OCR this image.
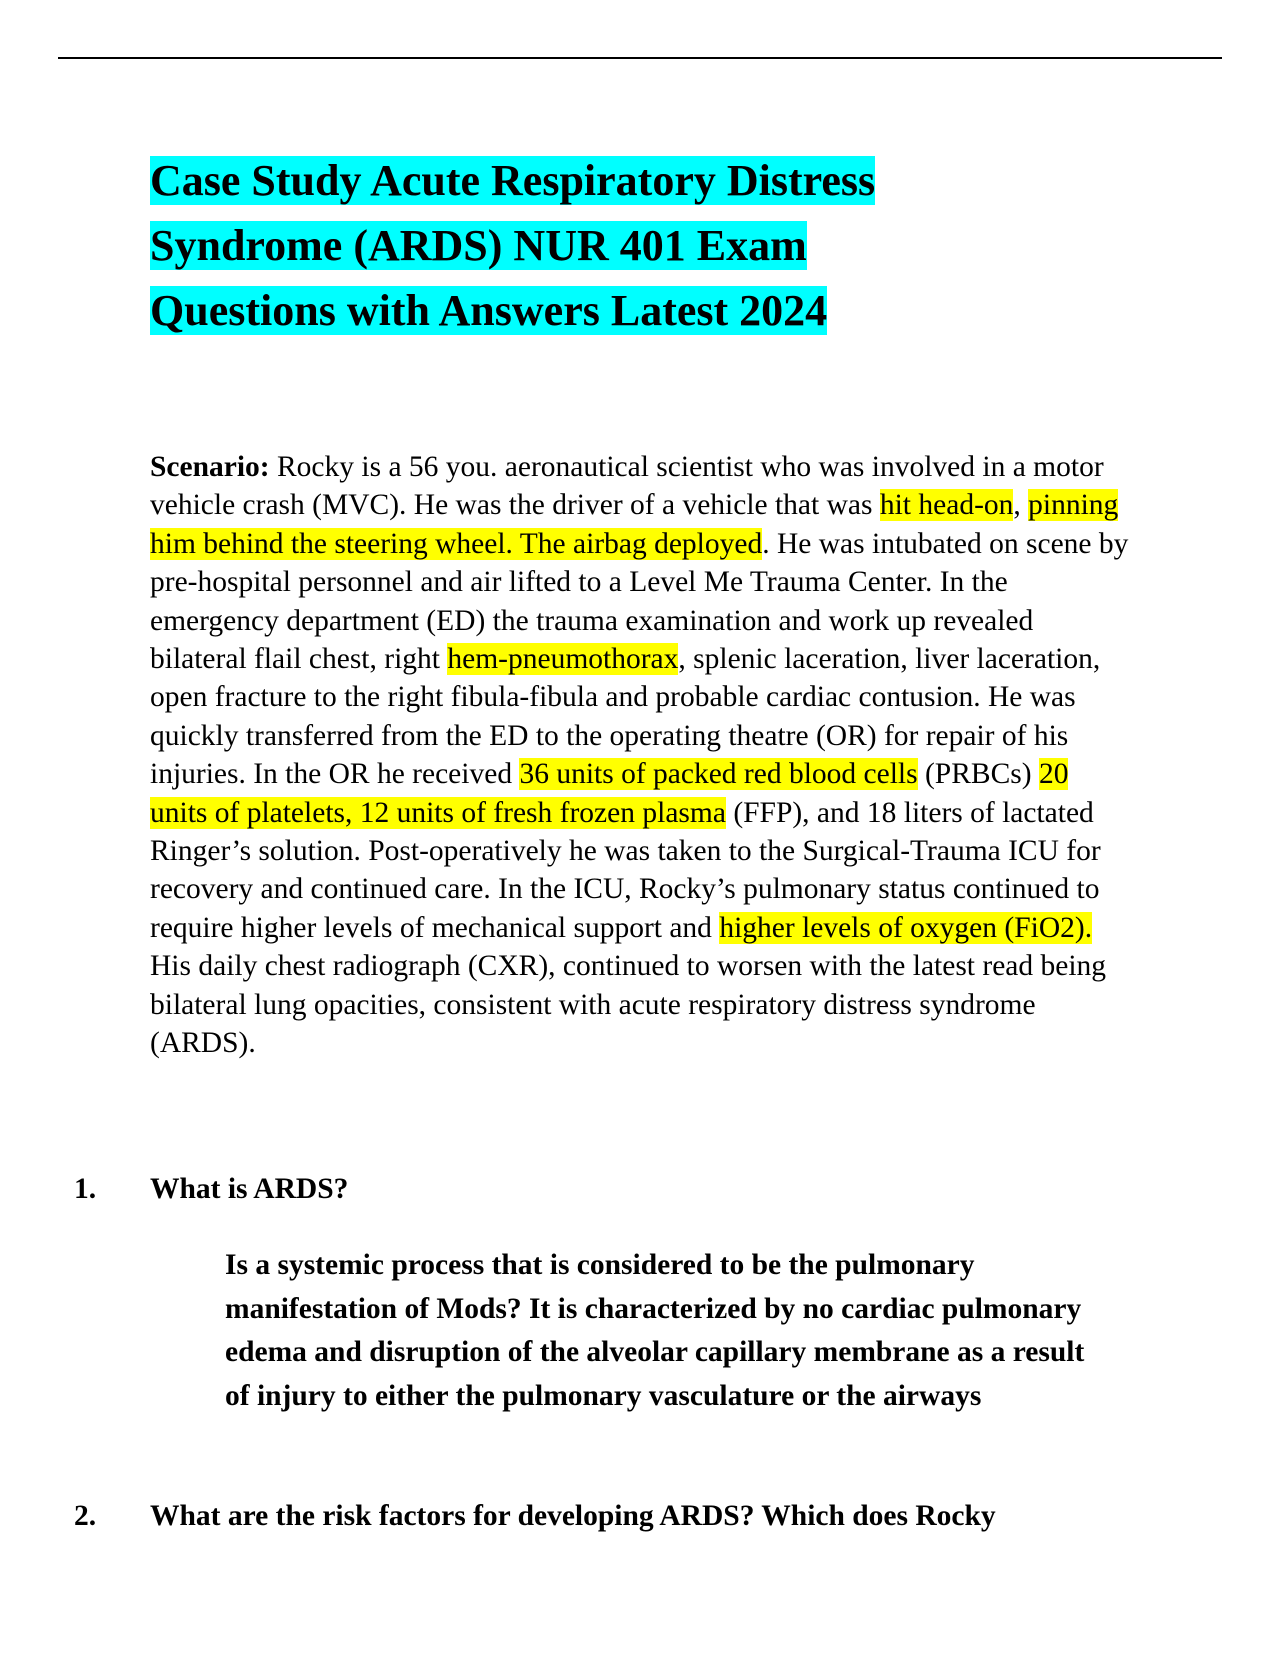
Case Study Acute Respiratory Distress
Syndrome (ARDS) NUR 401 Exam
Questions with Answers Latest 2024

Scenario: Rocky is a 56 you. aeronautical scientist who was involved in a motor vehicle crash (MVC). He was the driver of a vehicle that was hit head-on, pinning him behind the steering wheel. The airbag deployed. He was intubated on scene by pre-hospital personnel and air lifted to a Level Me Trauma Center. In the emergency department (ED) the trauma examination and work up revealed bilateral flail chest, right hem-pneumothorax, splenic laceration, liver laceration, open fracture to the right fibula-fibula and probable cardiac contusion. He was quickly transferred from the ED to the operating theatre (OR) for repair of his injuries. In the OR he received 36 units of packed red blood cells (PRBCs) 20 units of platelets, 12 units of fresh frozen plasma (FFP), and 18 liters of lactated Ringer’s solution. Post-operatively he was taken to the Surgical-Trauma ICU for recovery and continued care. In the ICU, Rocky’s pulmonary status continued to require higher levels of mechanical support and higher levels of oxygen (FiO2). His daily chest radiograph (CXR), continued to worsen with the latest read being bilateral lung opacities, consistent with acute respiratory distress syndrome (ARDS).

1. What is ARDS?

Is a systemic process that is considered to be the pulmonary manifestation of Mods? It is characterized by no cardiac pulmonary edema and disruption of the alveolar capillary membrane as a result of injury to either the pulmonary vasculature or the airways

2. What are the risk factors for developing ARDS? Which does Rocky
